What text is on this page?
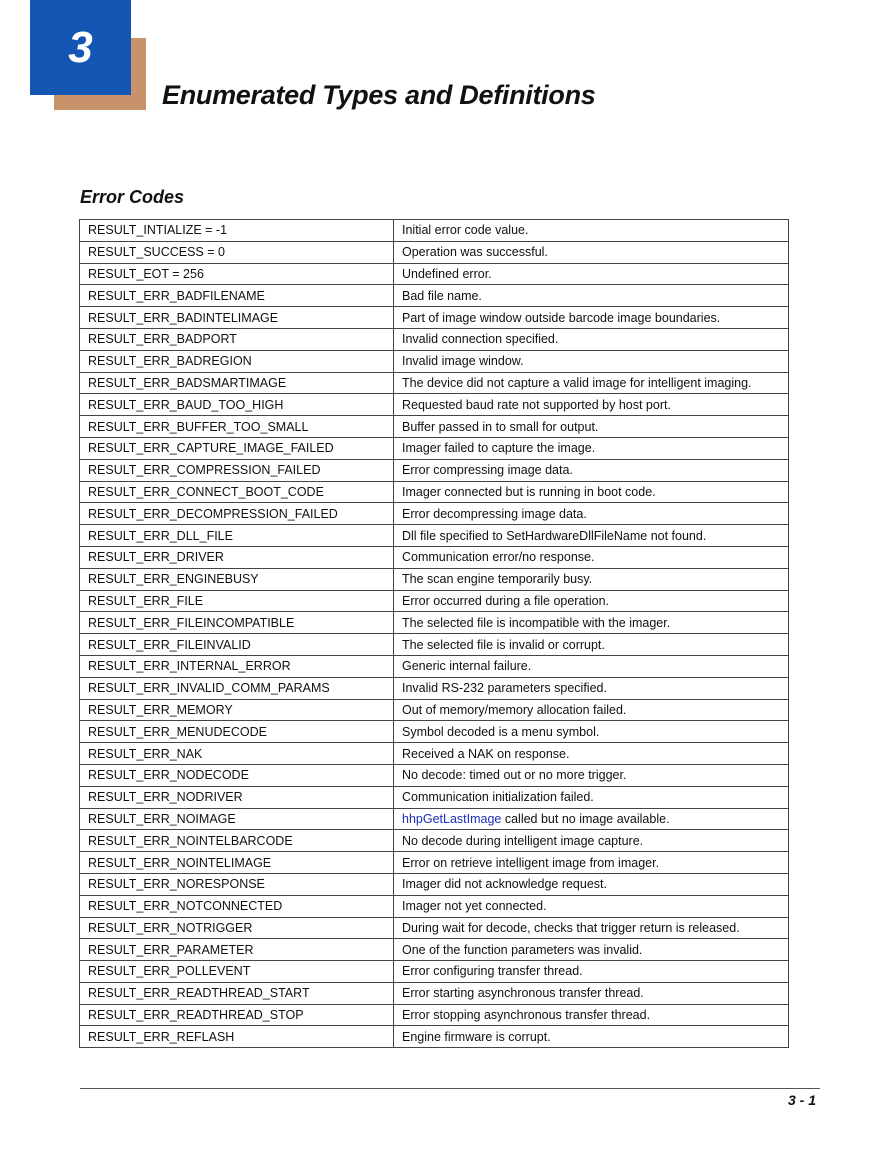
3
Enumerated Types and Definitions
Error Codes
RESULT_INTIALIZE = -1	Initial error code value.
RESULT_SUCCESS = 0	Operation was successful.
RESULT_EOT = 256	Undefined error.
RESULT_ERR_BADFILENAME	Bad file name.
RESULT_ERR_BADINTELIMAGE	Part of image window outside barcode image boundaries.
RESULT_ERR_BADPORT	Invalid connection specified.
RESULT_ERR_BADREGION	Invalid image window.
RESULT_ERR_BADSMARTIMAGE	The device did not capture a valid image for intelligent imaging.
RESULT_ERR_BAUD_TOO_HIGH	Requested baud rate not supported by host port.
RESULT_ERR_BUFFER_TOO_SMALL	Buffer passed in to small for output.
RESULT_ERR_CAPTURE_IMAGE_FAILED	Imager failed to capture the image.
RESULT_ERR_COMPRESSION_FAILED	Error compressing image data.
RESULT_ERR_CONNECT_BOOT_CODE	Imager connected but is running in boot code.
RESULT_ERR_DECOMPRESSION_FAILED	Error decompressing image data.
RESULT_ERR_DLL_FILE	Dll file specified to SetHardwareDllFileName not found.
RESULT_ERR_DRIVER	Communication error/no response.
RESULT_ERR_ENGINEBUSY	The scan engine temporarily busy.
RESULT_ERR_FILE	Error occurred during a file operation.
RESULT_ERR_FILEINCOMPATIBLE	The selected file is incompatible with the imager.
RESULT_ERR_FILEINVALID	The selected file is invalid or corrupt.
RESULT_ERR_INTERNAL_ERROR	Generic internal failure.
RESULT_ERR_INVALID_COMM_PARAMS	Invalid RS-232 parameters specified.
RESULT_ERR_MEMORY	Out of memory/memory allocation failed.
RESULT_ERR_MENUDECODE	Symbol decoded is a menu symbol.
RESULT_ERR_NAK	Received a NAK on response.
RESULT_ERR_NODECODE	No decode: timed out or no more trigger.
RESULT_ERR_NODRIVER	Communication initialization failed.
RESULT_ERR_NOIMAGE	hhpGetLastImage called but no image available.
RESULT_ERR_NOINTELBARCODE	No decode during intelligent image capture.
RESULT_ERR_NOINTELIMAGE	Error on retrieve intelligent image from imager.
RESULT_ERR_NORESPONSE	Imager did not acknowledge request.
RESULT_ERR_NOTCONNECTED	Imager not yet connected.
RESULT_ERR_NOTRIGGER	During wait for decode, checks that trigger return is released.
RESULT_ERR_PARAMETER	One of the function parameters was invalid.
RESULT_ERR_POLLEVENT	Error configuring transfer thread.
RESULT_ERR_READTHREAD_START	Error starting asynchronous transfer thread.
RESULT_ERR_READTHREAD_STOP	Error stopping asynchronous transfer thread.
RESULT_ERR_REFLASH	Engine firmware is corrupt.
3 - 1
